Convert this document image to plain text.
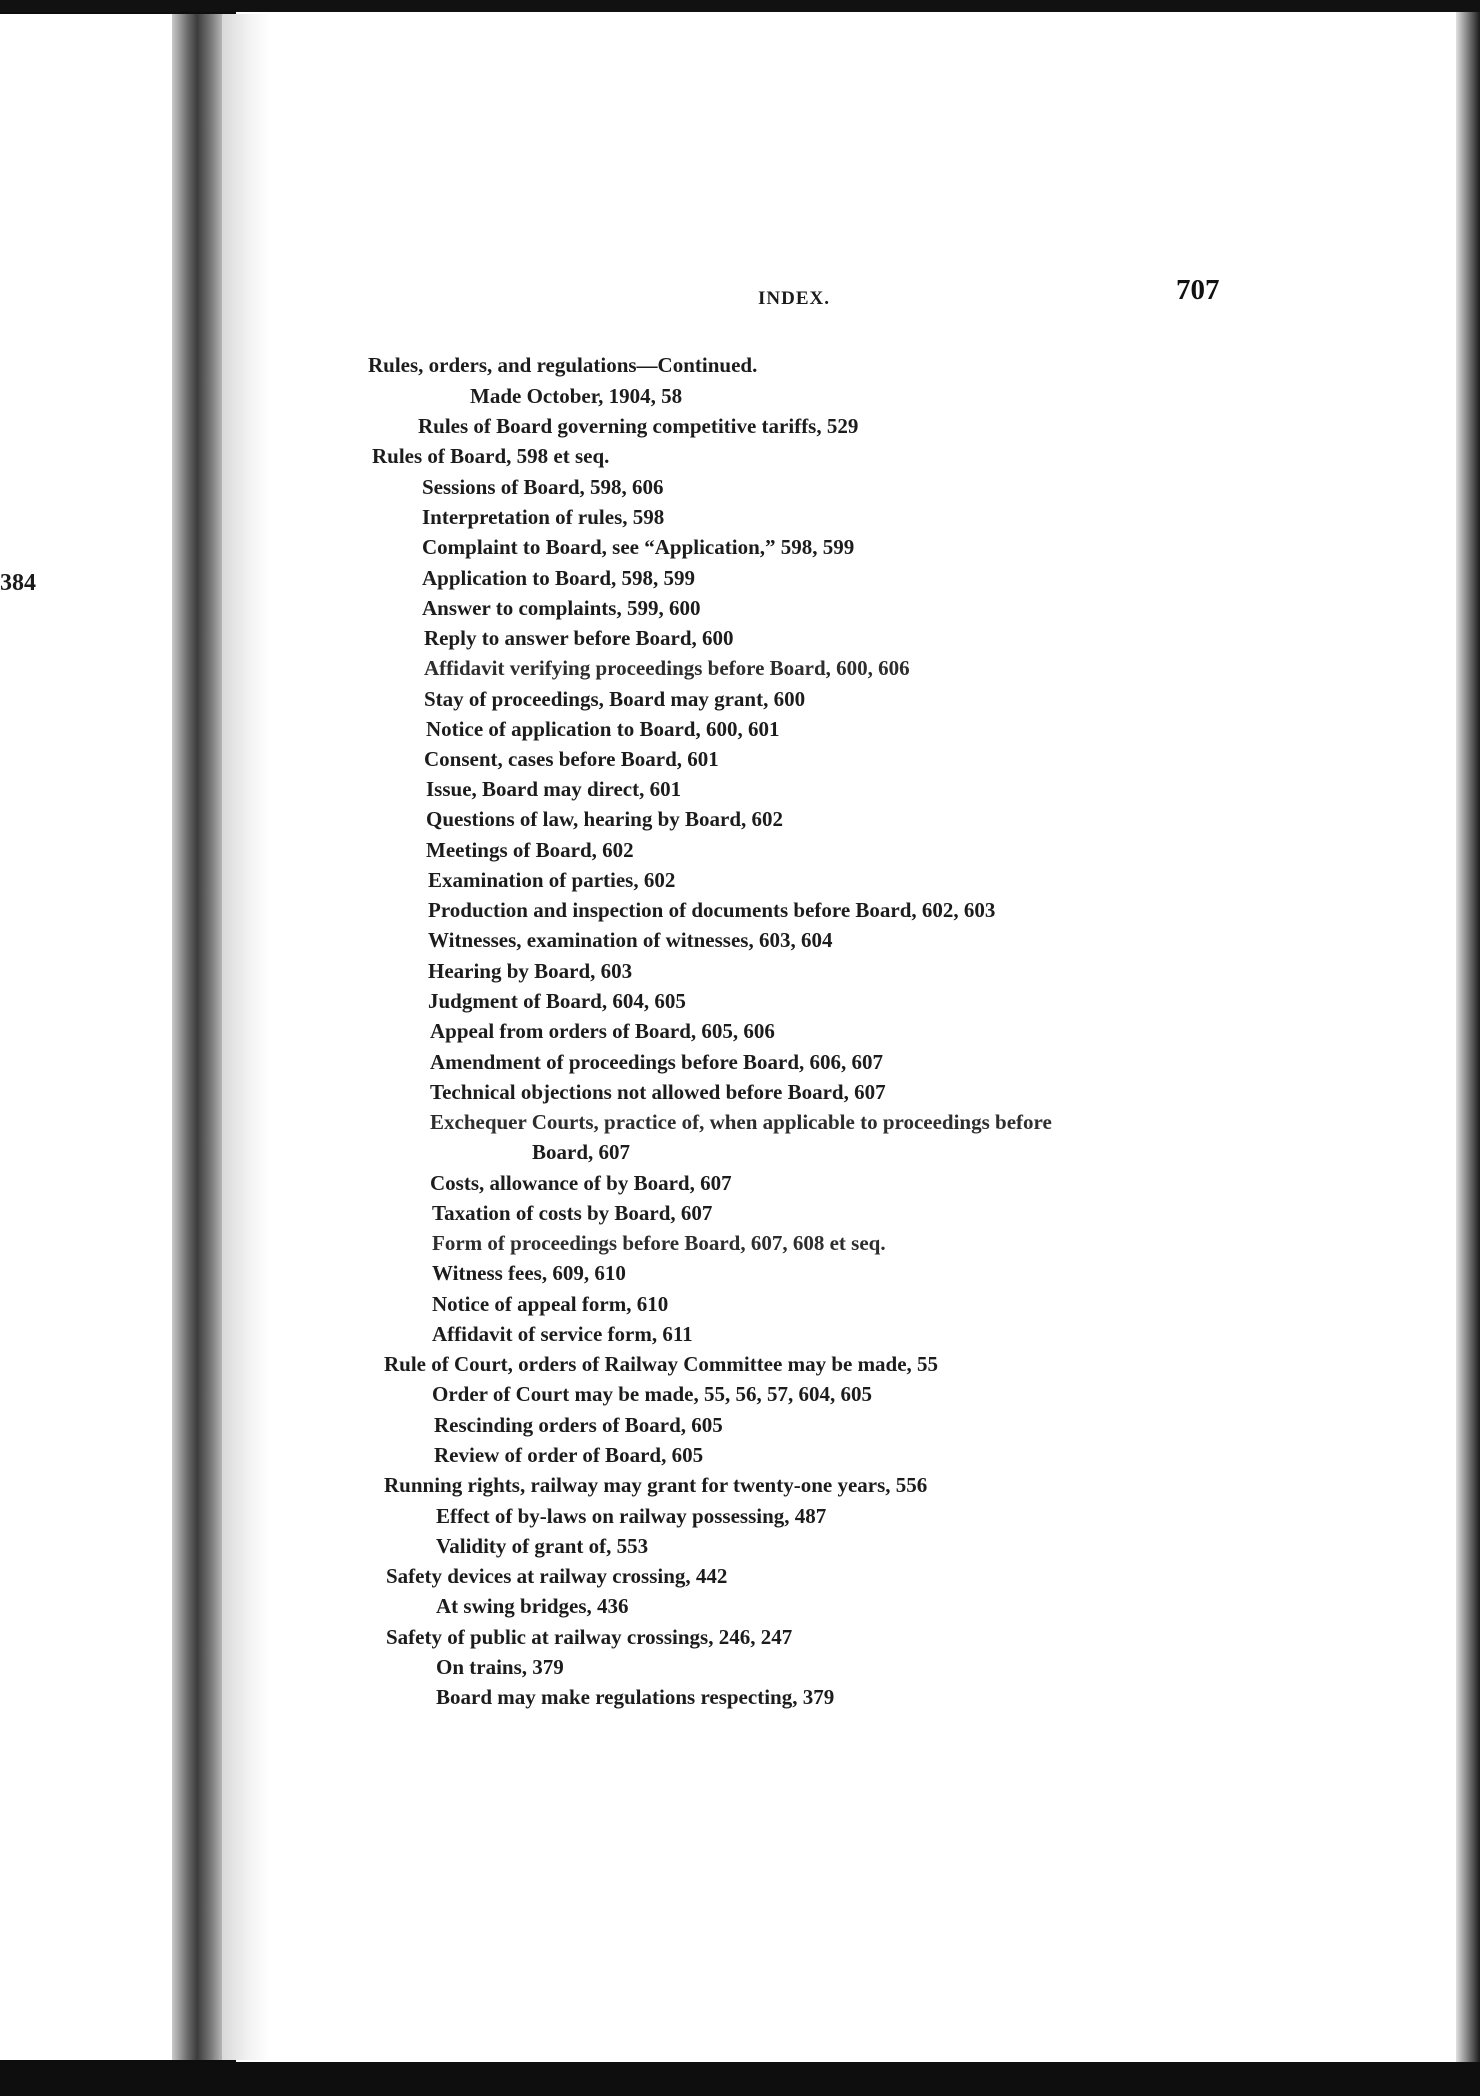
384
INDEX.	707
Rules, orders, and regulations—Continued.
Made October, 1904, 58
Rules of Board governing competitive tariffs, 529
Rules of Board, 598 et seq.
Sessions of Board, 598, 606
Interpretation of rules, 598
Complaint to Board, see “Application,” 598, 599
Application to Board, 598, 599
Answer to complaints, 599, 600
Reply to answer before Board, 600
Affidavit verifying proceedings before Board, 600, 606
Stay of proceedings, Board may grant, 600
Notice of application to Board, 600, 601
Consent, cases before Board, 601
Issue, Board may direct, 601
Questions of law, hearing by Board, 602
Meetings of Board, 602
Examination of parties, 602
Production and inspection of documents before Board, 602, 603
Witnesses, examination of witnesses, 603, 604
Hearing by Board, 603
Judgment of Board, 604, 605
Appeal from orders of Board, 605, 606
Amendment of proceedings before Board, 606, 607
Technical objections not allowed before Board, 607
Exchequer Courts, practice of, when applicable to proceedings before
Board, 607
Costs, allowance of by Board, 607
Taxation of costs by Board, 607
Form of proceedings before Board, 607, 608 et seq.
Witness fees, 609, 610
Notice of appeal form, 610
Affidavit of service form, 611
Rule of Court, orders of Railway Committee may be made, 55
Order of Court may be made, 55, 56, 57, 604, 605
Rescinding orders of Board, 605
Review of order of Board, 605
Running rights, railway may grant for twenty-one years, 556
Effect of by-laws on railway possessing, 487
Validity of grant of, 553
Safety devices at railway crossing, 442
At swing bridges, 436
Safety of public at railway crossings, 246, 247
On trains, 379
Board may make regulations respecting, 379
